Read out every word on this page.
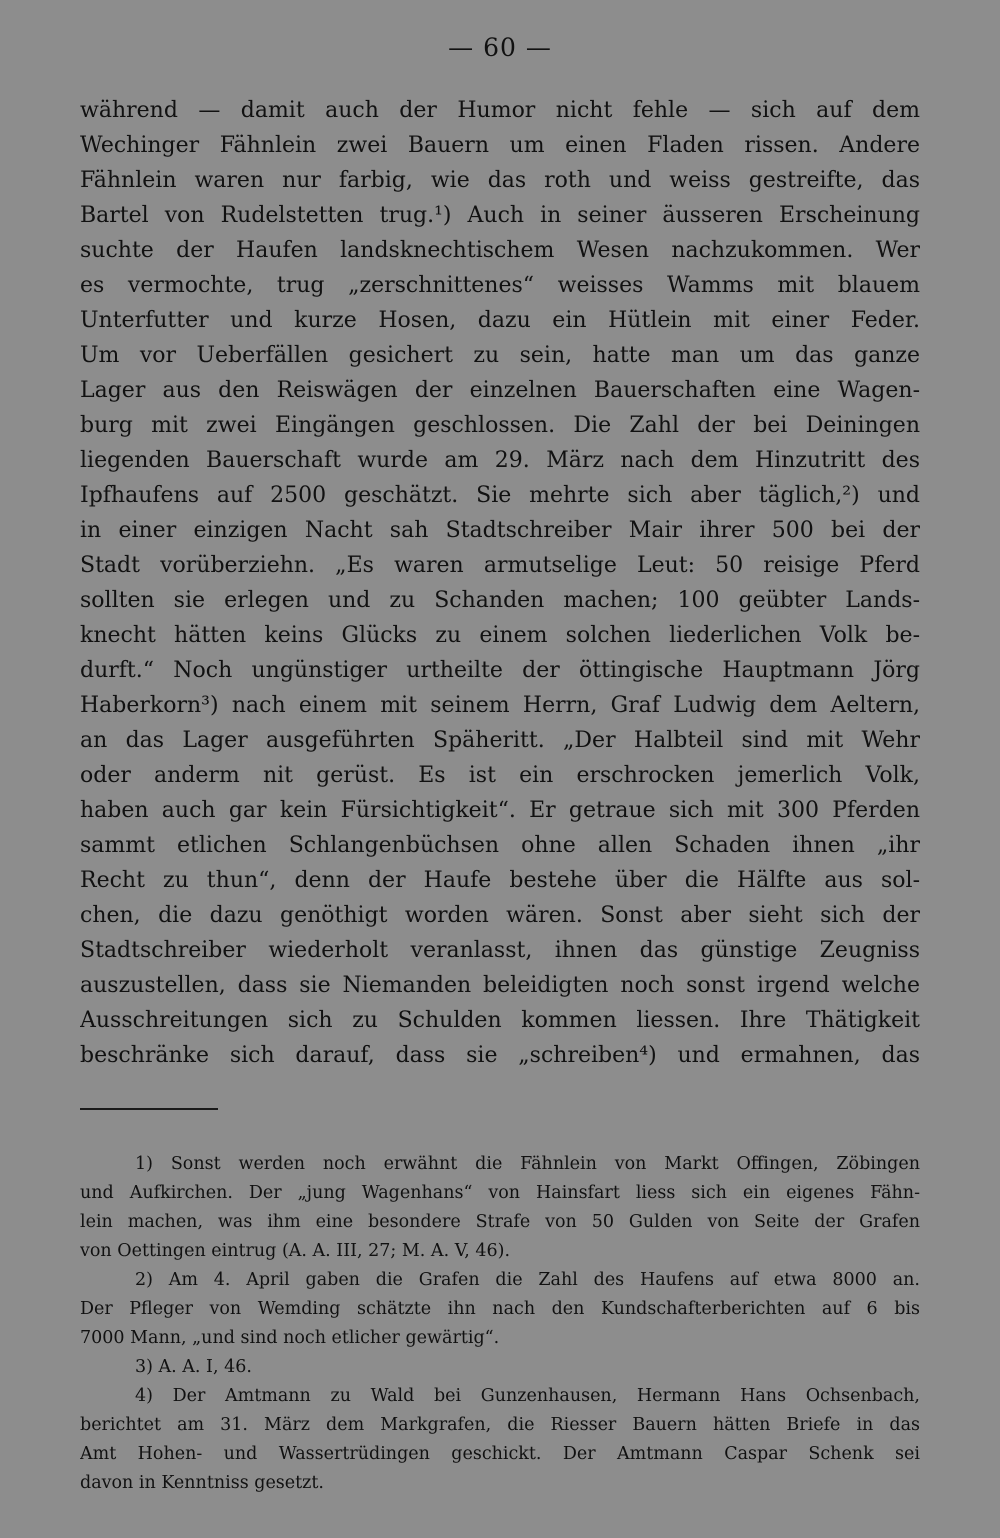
— 60 —
während — damit auch der Humor nicht fehle — sich auf dem
Wechinger Fähnlein zwei Bauern um einen Fladen rissen. Andere
Fähnlein waren nur farbig, wie das roth und weiss gestreifte, das
Bartel von Rudelstetten trug.¹) Auch in seiner äusseren Erscheinung
suchte der Haufen landsknechtischem Wesen nachzukommen. Wer
es vermochte, trug „zerschnittenes“ weisses Wamms mit blauem
Unterfutter und kurze Hosen, dazu ein Hütlein mit einer Feder.
Um vor Ueberfällen gesichert zu sein, hatte man um das ganze
Lager aus den Reiswägen der einzelnen Bauerschaften eine Wagen-
burg mit zwei Eingängen geschlossen. Die Zahl der bei Deiningen
liegenden Bauerschaft wurde am 29. März nach dem Hinzutritt des
Ipfhaufens auf 2500 geschätzt. Sie mehrte sich aber täglich,²) und
in einer einzigen Nacht sah Stadtschreiber Mair ihrer 500 bei der
Stadt vorüberziehn. „Es waren armutselige Leut: 50 reisige Pferd
sollten sie erlegen und zu Schanden machen; 100 geübter Lands-
knecht hätten keins Glücks zu einem solchen liederlichen Volk be-
durft.“ Noch ungünstiger urtheilte der öttingische Hauptmann Jörg
Haberkorn³) nach einem mit seinem Herrn, Graf Ludwig dem Aeltern,
an das Lager ausgeführten Späheritt. „Der Halbteil sind mit Wehr
oder anderm nit gerüst. Es ist ein erschrocken jemerlich Volk,
haben auch gar kein Fürsichtigkeit“. Er getraue sich mit 300 Pferden
sammt etlichen Schlangenbüchsen ohne allen Schaden ihnen „ihr
Recht zu thun“, denn der Haufe bestehe über die Hälfte aus sol-
chen, die dazu genöthigt worden wären. Sonst aber sieht sich der
Stadtschreiber wiederholt veranlasst, ihnen das günstige Zeugniss
auszustellen, dass sie Niemanden beleidigten noch sonst irgend welche
Ausschreitungen sich zu Schulden kommen liessen. Ihre Thätigkeit
beschränke sich darauf, dass sie „schreiben⁴) und ermahnen, das
1) Sonst werden noch erwähnt die Fähnlein von Markt Offingen, Zöbingen
und Aufkirchen. Der „jung Wagenhans“ von Hainsfart liess sich ein eigenes Fähn-
lein machen, was ihm eine besondere Strafe von 50 Gulden von Seite der Grafen
von Oettingen eintrug (A. A. III, 27; M. A. V, 46).
2) Am 4. April gaben die Grafen die Zahl des Haufens auf etwa 8000 an.
Der Pfleger von Wemding schätzte ihn nach den Kundschafterberichten auf 6 bis
7000 Mann, „und sind noch etlicher gewärtig“.
3) A. A. I, 46.
4) Der Amtmann zu Wald bei Gunzenhausen, Hermann Hans Ochsenbach,
berichtet am 31. März dem Markgrafen, die Riesser Bauern hätten Briefe in das
Amt Hohen- und Wassertrüdingen geschickt. Der Amtmann Caspar Schenk sei
davon in Kenntniss gesetzt.
